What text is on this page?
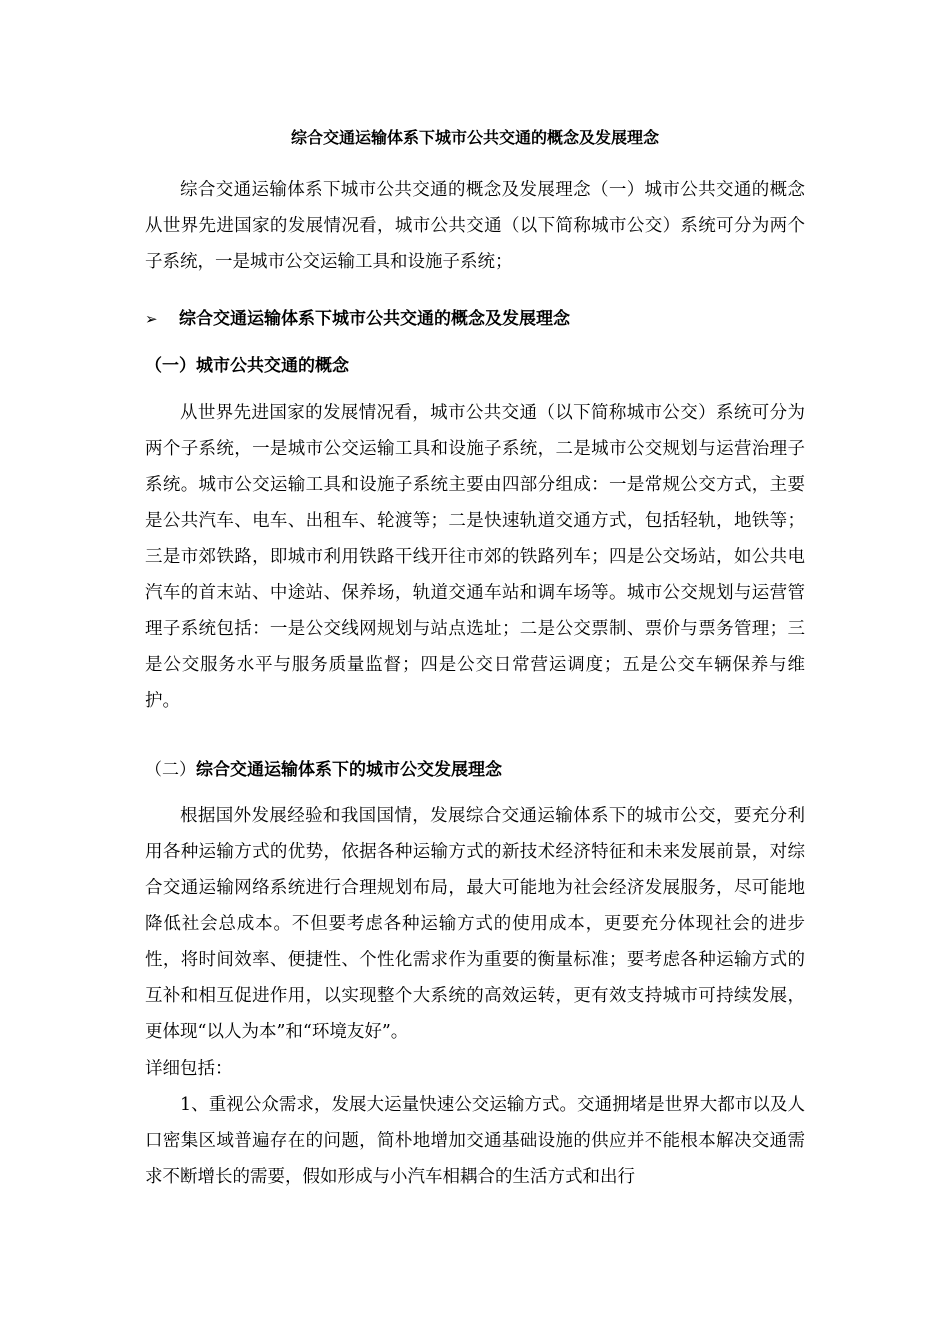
综合交通运输体系下城市公共交通的概念及发展理念

综合交通运输体系下城市公共交通的概念及发展理念（一）城市公共交通的概念 从世界先进国家的发展情况看，城市公共交通（以下简称城市公交）系统可分为两个子系统，一是城市公交运输工具和设施子系统；

➢ 综合交通运输体系下城市公共交通的概念及发展理念
（一）城市公共交通的概念

从世界先进国家的发展情况看，城市公共交通（以下简称城市公交）系统可分为两个子系统，一是城市公交运输工具和设施子系统，二是城市公交规划与运营治理子系统。城市公交运输工具和设施子系统主要由四部分组成：一是常规公交方式，主要是公共汽车、电车、出租车、轮渡等；二是快速轨道交通方式，包括轻轨，地铁等；三是市郊铁路，即城市利用铁路干线开往市郊的铁路列车；四是公交场站，如公共电汽车的首末站、中途站、保养场，轨道交通车站和调车场等。城市公交规划与运营管理子系统包括：一是公交线网规划与站点选址；二是公交票制、票价与票务管理；三是公交服务水平与服务质量监督；四是公交日常营运调度；五是公交车辆保养与维护。

（二）综合交通运输体系下的城市公交发展理念

根据国外发展经验和我国国情，发展综合交通运输体系下的城市公交，要充分利用各种运输方式的优势，依据各种运输方式的新技术经济特征和未来发展前景，对综合交通运输网络系统进行合理规划布局，最大可能地为社会经济发展服务，尽可能地降低社会总成本。不但要考虑各种运输方式的使用成本，更要充分体现社会的进步性，将时间效率、便捷性、个性化需求作为重要的衡量标准；要考虑各种运输方式的互补和相互促进作用，以实现整个大系统的高效运转，更有效支持城市可持续发展，更体现“以人为本”和“环境友好”。

详细包括：

1、重视公众需求，发展大运量快速公交运输方式。交通拥堵是世界大都市以及人口密集区域普遍存在的问题，简朴地增加交通基础设施的供应并不能根本解决交通需求不断增长的需要，假如形成与小汽车相耦合的生活方式和出行
